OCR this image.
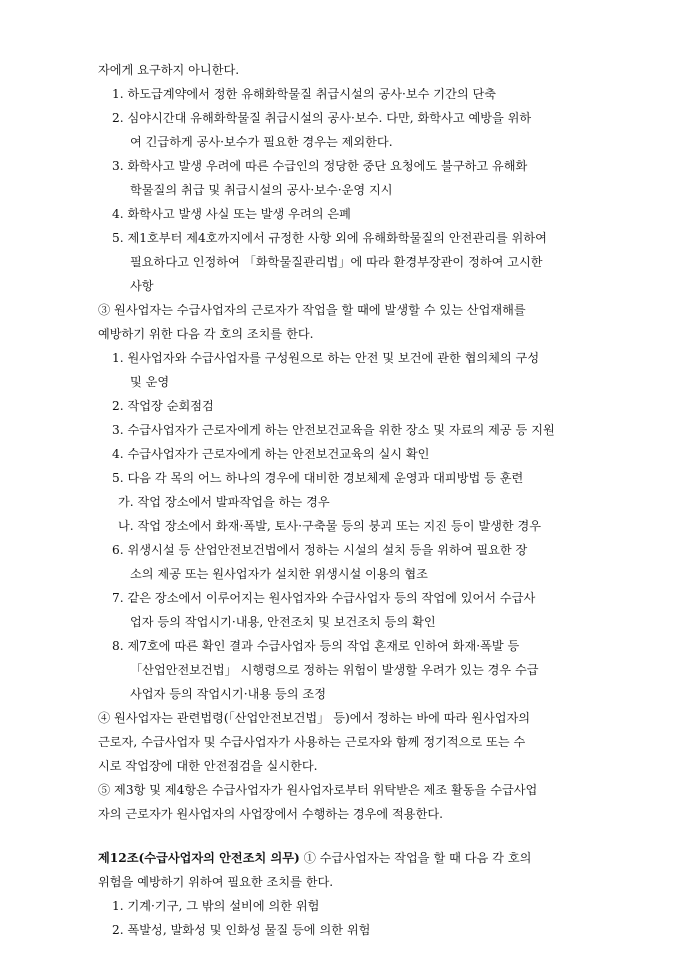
자에게 요구하지 아니한다.
1. 하도급계약에서 정한 유해화학물질 취급시설의 공사·보수 기간의 단축
2. 심야시간대 유해화학물질 취급시설의 공사·보수. 다만, 화학사고 예방을 위하
여 긴급하게 공사·보수가 필요한 경우는 제외한다.
3. 화학사고 발생 우려에 따른 수급인의 정당한 중단 요청에도 불구하고 유해화
학물질의 취급 및 취급시설의 공사·보수·운영 지시
4. 화학사고 발생 사실 또는 발생 우려의 은폐
5. 제1호부터 제4호까지에서 규정한 사항 외에 유해화학물질의 안전관리를 위하여
필요하다고 인정하여 「화학물질관리법」에 따라 환경부장관이 정하여 고시한
사항
③ 원사업자는 수급사업자의 근로자가 작업을 할 때에 발생할 수 있는 산업재해를
예방하기 위한 다음 각 호의 조치를 한다.
1. 원사업자와 수급사업자를 구성원으로 하는 안전 및 보건에 관한 협의체의 구성
및 운영
2. 작업장 순회점검
3. 수급사업자가 근로자에게 하는 안전보건교육을 위한 장소 및 자료의 제공 등 지원
4. 수급사업자가 근로자에게 하는 안전보건교육의 실시 확인
5. 다음 각 목의 어느 하나의 경우에 대비한 경보체제 운영과 대피방법 등 훈련
가. 작업 장소에서 발파작업을 하는 경우
나. 작업 장소에서 화재·폭발, 토사·구축물 등의 붕괴 또는 지진 등이 발생한 경우
6. 위생시설 등 산업안전보건법에서 정하는 시설의 설치 등을 위하여 필요한 장
소의 제공 또는 원사업자가 설치한 위생시설 이용의 협조
7. 같은 장소에서 이루어지는 원사업자와 수급사업자 등의 작업에 있어서 수급사
업자 등의 작업시기·내용, 안전조치 및 보건조치 등의 확인
8. 제7호에 따른 확인 결과 수급사업자 등의 작업 혼재로 인하여 화재·폭발 등
「산업안전보건법」 시행령으로 정하는 위험이 발생할 우려가 있는 경우 수급
사업자 등의 작업시기·내용 등의 조정
④ 원사업자는 관련법령(「산업안전보건법」 등)에서 정하는 바에 따라 원사업자의
근로자, 수급사업자 및 수급사업자가 사용하는 근로자와 함께 정기적으로 또는 수
시로 작업장에 대한 안전점검을 실시한다.
⑤ 제3항 및 제4항은 수급사업자가 원사업자로부터 위탁받은 제조 활동을 수급사업
자의 근로자가 원사업자의 사업장에서 수행하는 경우에 적용한다.
제12조(수급사업자의 안전조치 의무) ① 수급사업자는 작업을 할 때 다음 각 호의
위험을 예방하기 위하여 필요한 조치를 한다.
1. 기계·기구, 그 밖의 설비에 의한 위험
2. 폭발성, 발화성 및 인화성 물질 등에 의한 위험
